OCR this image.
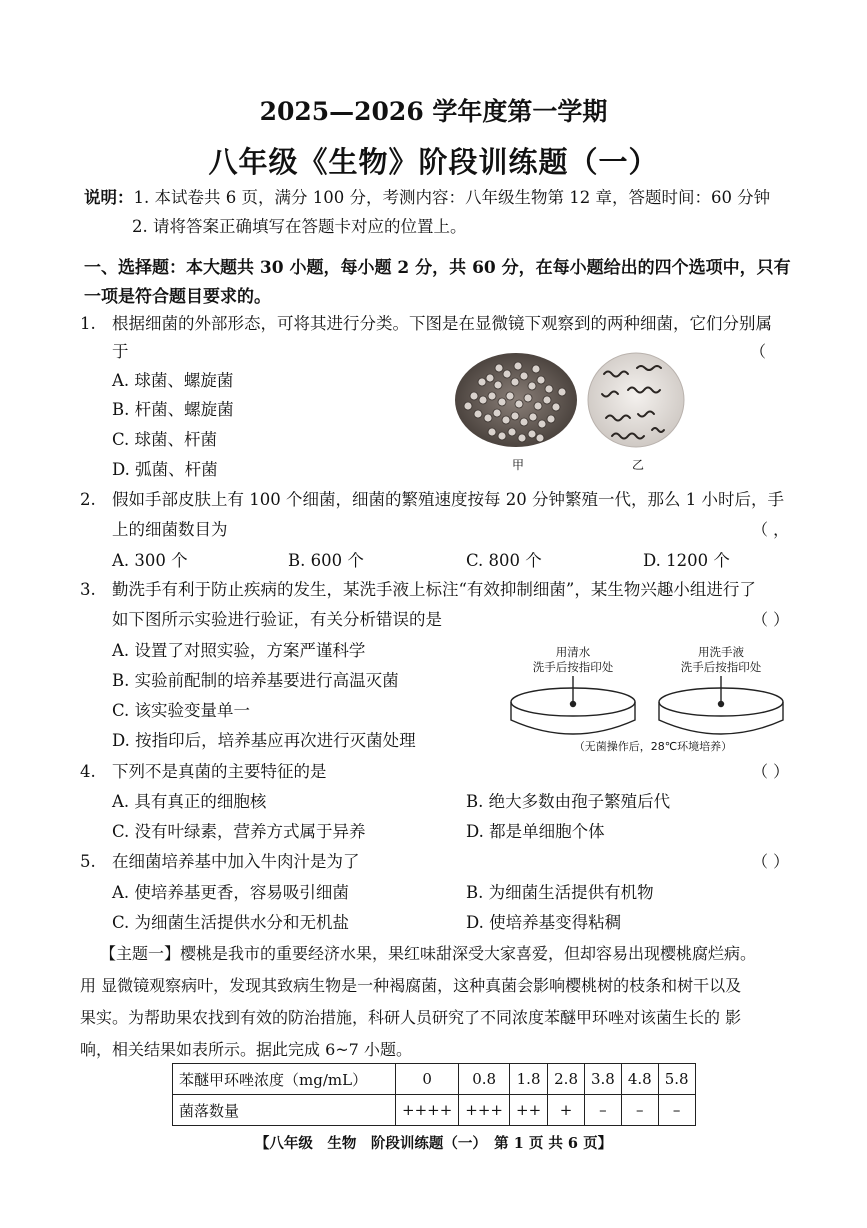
2025—2026 学年度第一学期
八年级《生物》阶段训练题（一）
说明：1. 本试卷共 6 页，满分 100 分，考测内容：八年级生物第 12 章，答题时间：60 分钟
2. 请将答案正确填写在答题卡对应的位置上。
一、选择题：本大题共 30 小题，每小题 2 分，共 60 分，在每小题给出的四个选项中，只有
一项是符合题目要求的。
1. 根据细菌的外部形态，可将其进行分类。下图是在显微镜下观察到的两种细菌，它们分别属
于	（
A. 球菌、螺旋菌
B. 杆菌、螺旋菌
C. 球菌、杆菌
D. 弧菌、杆菌	甲	乙
2. 假如手部皮肤上有 100 个细菌，细菌的繁殖速度按每 20 分钟繁殖一代，那么 1 小时后，手
上的细菌数目为	（ ，
A. 300 个	B. 600 个	C. 800 个	D. 1200 个
3. 勤洗手有利于防止疾病的发生，某洗手液上标注“有效抑制细菌”，某生物兴趣小组进行了
如下图所示实验进行验证，有关分析错误的是	（ ）
A. 设置了对照实验，方案严谨科学
B. 实验前配制的培养基要进行高温灭菌
C. 该实验变量单一
D. 按指印后，培养基应再次进行灭菌处理
用清水
洗手后按指印处
用洗手液
洗手后按指印处
（无菌操作后，28℃环境培养）
4. 下列不是真菌的主要特征的是	（ ）
A. 具有真正的细胞核	B. 绝大多数由孢子繁殖后代
C. 没有叶绿素，营养方式属于异养	D. 都是单细胞个体
5. 在细菌培养基中加入牛肉汁是为了	（ ）
A. 使培养基更香，容易吸引细菌	B. 为细菌生活提供有机物
C. 为细菌生活提供水分和无机盐	D. 使培养基变得粘稠
【主题一】樱桃是我市的重要经济水果，果红味甜深受大家喜爱，但却容易出现樱桃腐烂病。
用 显微镜观察病叶，发现其致病生物是一种褐腐菌，这种真菌会影响樱桃树的枝条和树干以及
果实。为帮助果农找到有效的防治措施，科研人员研究了不同浓度苯醚甲环唑对该菌生长的 影
响，相关结果如表所示。据此完成 6~7 小题。
苯醚甲环唑浓度（mg/mL）	0	0.8	1.8	2.8	3.8	4.8	5.8
菌落数量	++++	+++	++	+	–	–	–
【八年级　生物　阶段训练题（一）　第 1 页 共 6 页】
